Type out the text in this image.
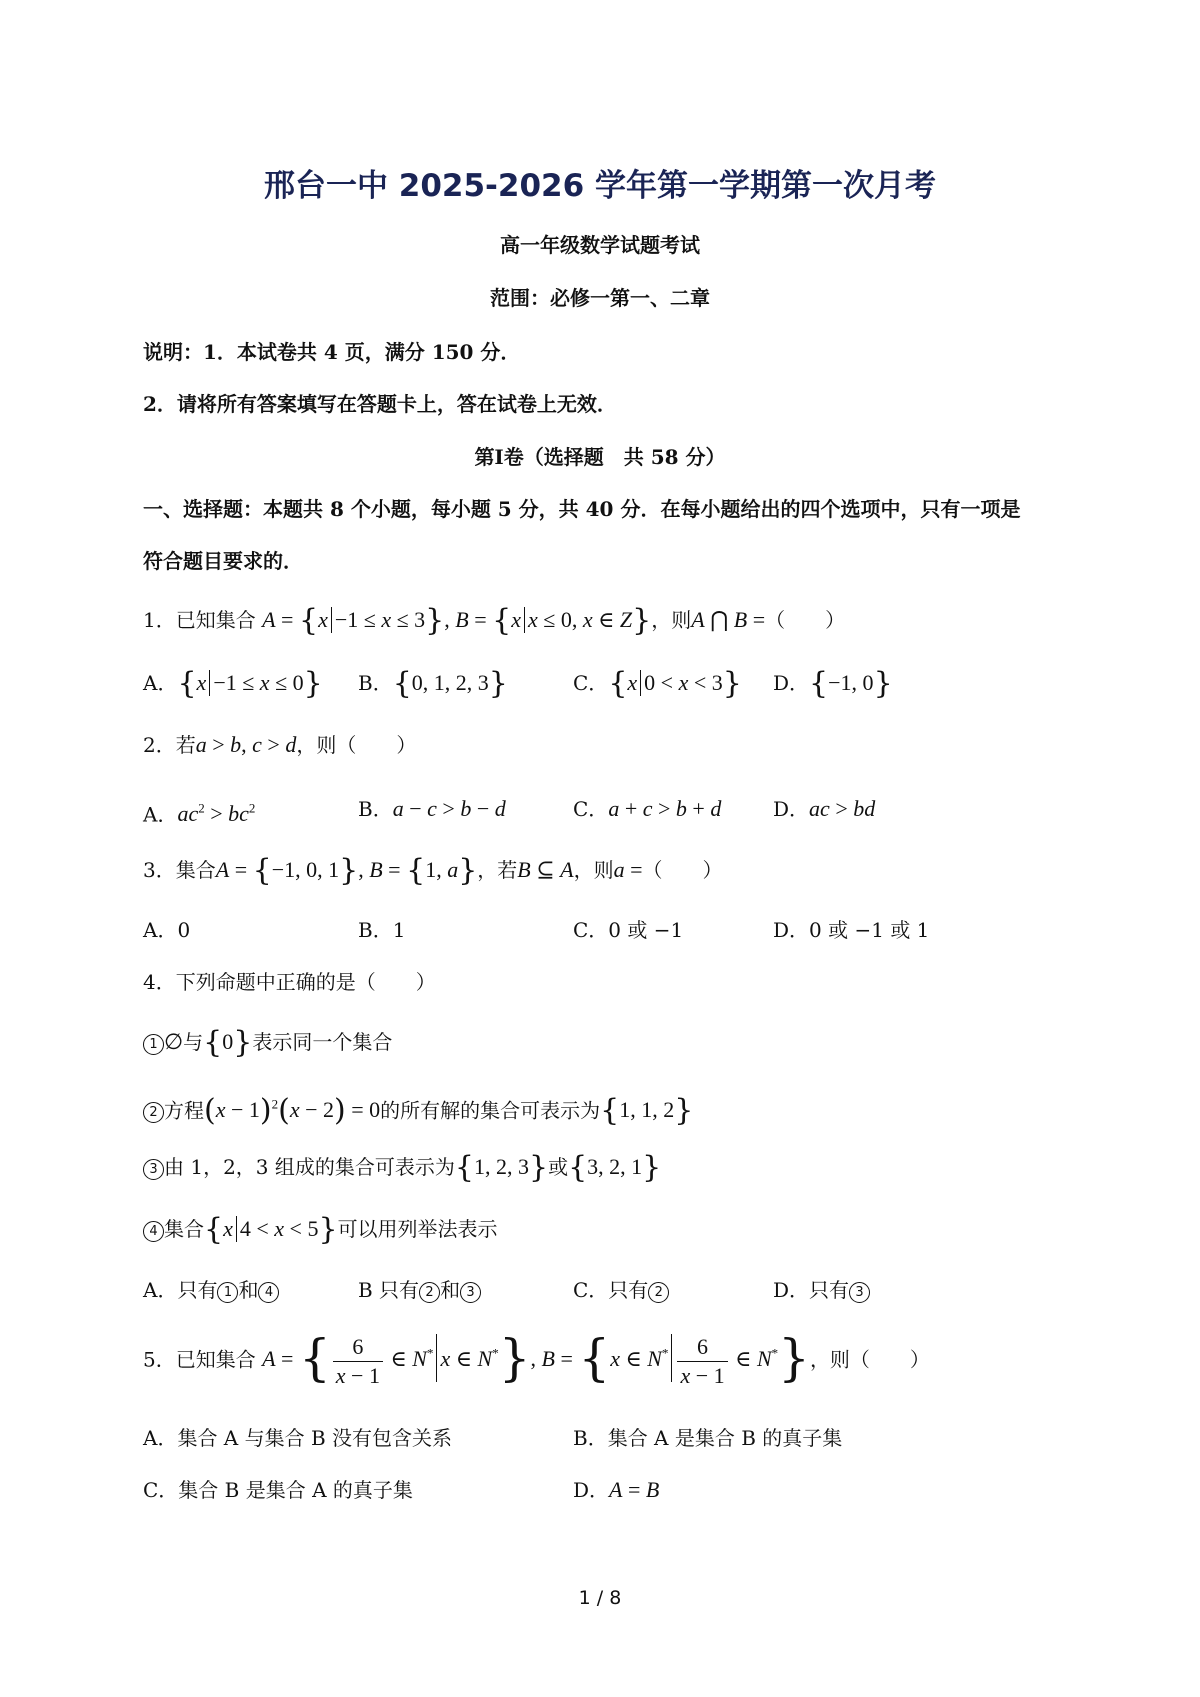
邢台一中 2025-2026 学年第一学期第一次月考
高一年级数学试题考试
范围：必修一第一、二章
说明：1．本试卷共 4 页，满分 150 分．
2．请将所有答案填写在答题卡上，答在试卷上无效．
第Ⅰ卷（选择题　共 58 分）
一、选择题：本题共 8 个小题，每小题 5 分，共 40 分．在每小题给出的四个选项中，只有一项是
符合题目要求的．
1．已知集合 A = {x −1 ≤ x ≤ 3}, B = {x x ≤ 0, x ∈ Z}，则A ⋂ B =（　　）
A．{x −1 ≤ x ≤ 0} B．{0, 1, 2, 3}	C．{x 0 < x < 3} D．{−1, 0}
2．若a > b, c > d，则（　　）
A．$ac^2 > bc^2$	B．a − c > b − d	C．a + c > b + d	D．ac > bd
3．集合A = {−1, 0, 1}, B = {1, a}，若B ⊆ A，则a =（　　）
A．0	B．1	C．0 或 −1	D．0 或 −1 或 1
4．下列命题中正确的是（　　）
1 ∅与{0}表示同一个集合
2 方程$(x - 1)^2(x - 2) = 0$的所有解的集合可表示为{1, 1, 2}
3 由 1，2，3 组成的集合可表示为{1, 2, 3}或{3, 2, 1}
4 集合{x 4 < x < 5}可以用列举法表示
A．只有 1 和 4	B 只有 2 和 3	C．只有 2	D．只有 3
5．已知集合 A = { $\frac{6}{x - 1}$ ∈ N* x ∈ N*}, B = {x ∈ $N^* \frac{6}{x - 1}$ ∈ N*}，则（　　）
A．集合 A 与集合 B 没有包含关系	B．集合 A 是集合 B 的真子集
C．集合 B 是集合 A 的真子集	D．A = B
1 / 8
